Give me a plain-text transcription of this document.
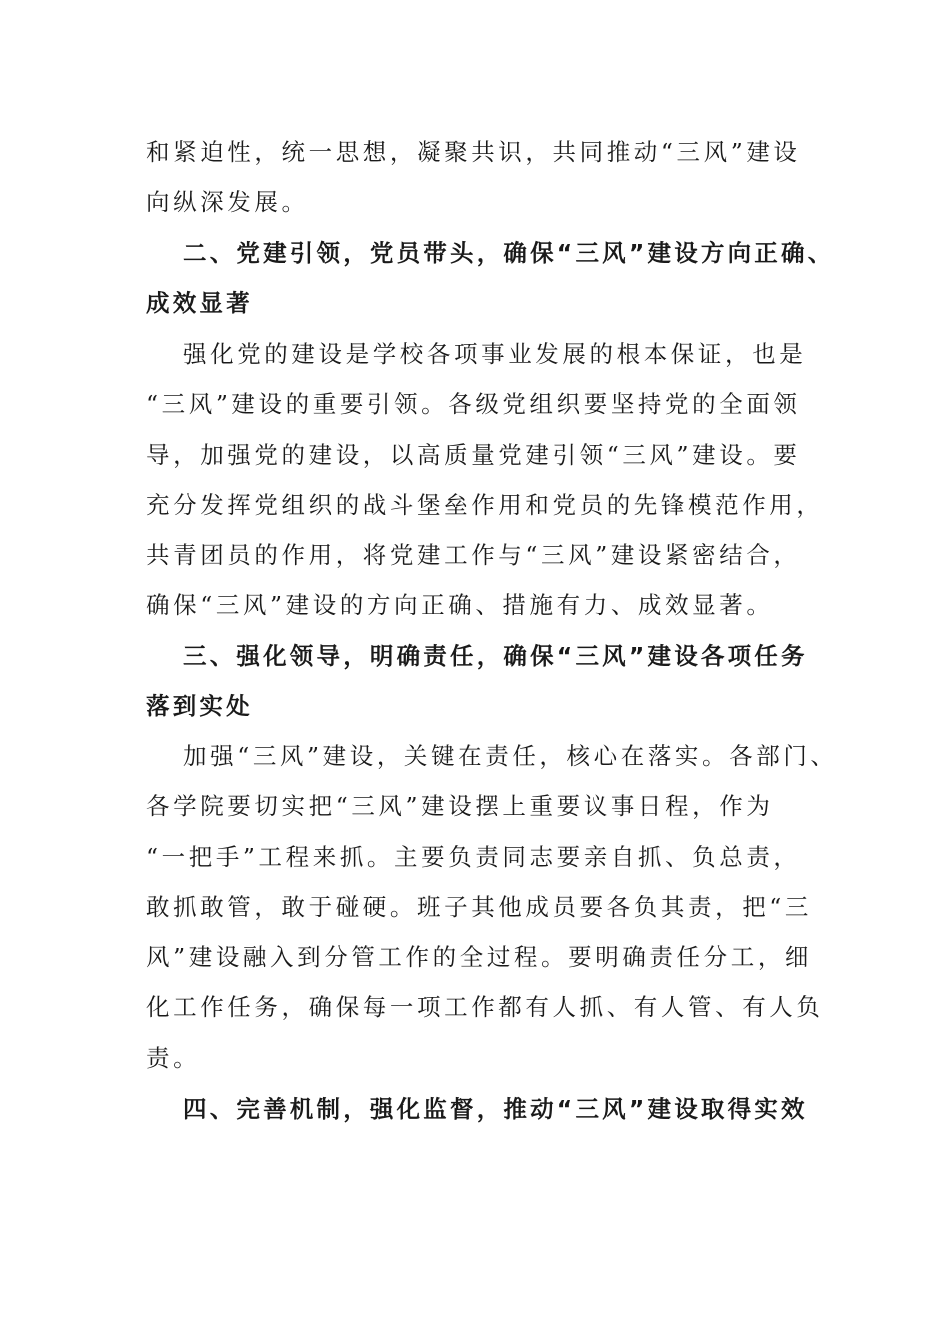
和紧迫性，统一思想，凝聚共识，共同推动“三风”建设
向纵深发展。
二、党建引领，党员带头，确保“三风”建设方向正确、
成效显著
强化党的建设是学校各项事业发展的根本保证，也是
“三风”建设的重要引领。各级党组织要坚持党的全面领
导，加强党的建设，以高质量党建引领“三风”建设。要
充分发挥党组织的战斗堡垒作用和党员的先锋模范作用，
共青团员的作用，将党建工作与“三风”建设紧密结合，
确保“三风”建设的方向正确、措施有力、成效显著。
三、强化领导，明确责任，确保“三风”建设各项任务
落到实处
加强“三风”建设，关键在责任，核心在落实。各部门、
各学院要切实把“三风”建设摆上重要议事日程，作为
“一把手”工程来抓。主要负责同志要亲自抓、负总责，
敢抓敢管，敢于碰硬。班子其他成员要各负其责，把“三
风”建设融入到分管工作的全过程。要明确责任分工，细
化工作任务，确保每一项工作都有人抓、有人管、有人负
责。
四、完善机制，强化监督，推动“三风”建设取得实效
